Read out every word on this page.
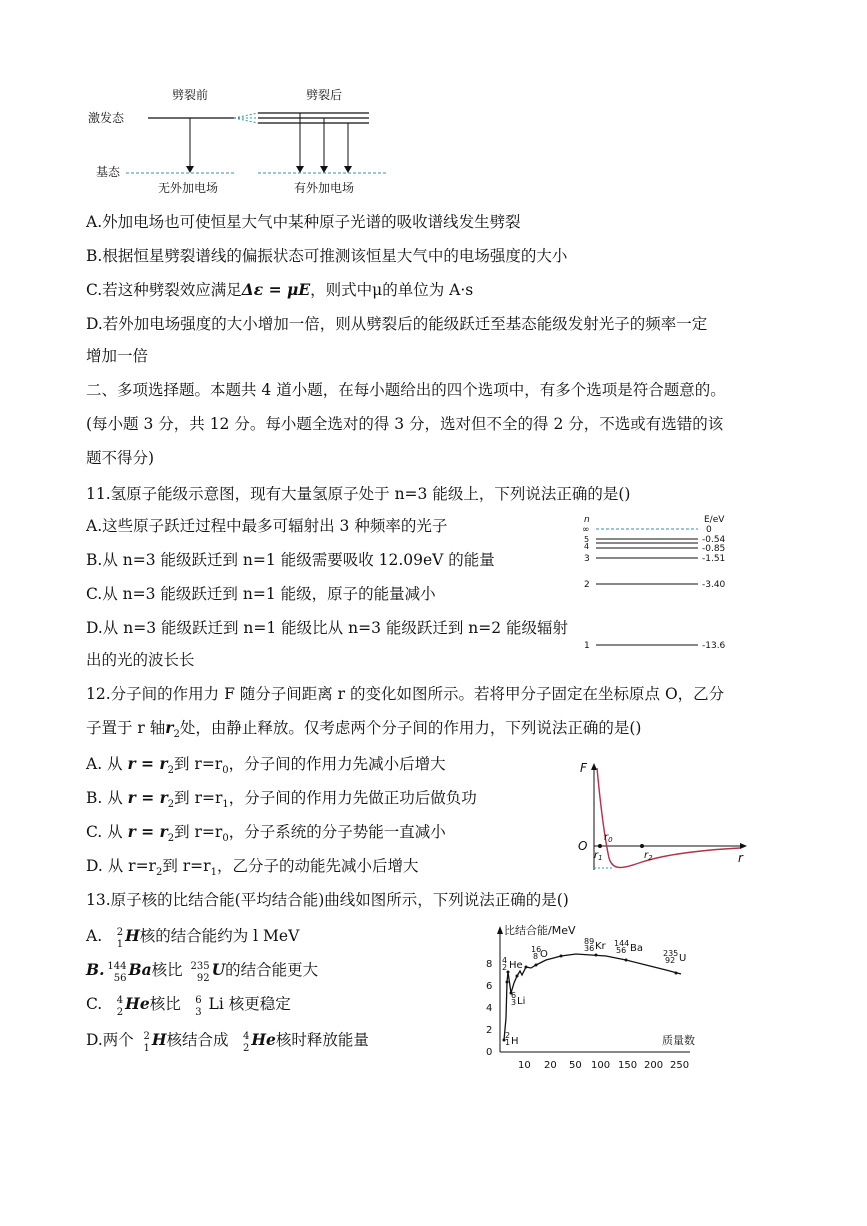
劈裂前	劈裂后
激发态
基态
无外加电场	有外加电场
A.外加电场也可使恒星大气中某种原子光谱的吸收谱线发生劈裂
B.根据恒星劈裂谱线的偏振状态可推测该恒星大气中的电场强度的大小
C.若这种劈裂效应满足Δε = μE，则式中μ的单位为 A·s
D.若外加电场强度的大小增加一倍，则从劈裂后的能级跃迁至基态能级发射光子的频率一定
增加一倍
二、多项选择题。本题共 4 道小题，在每小题给出的四个选项中，有多个选项是符合题意的。
(每小题 3 分，共 12 分。每小题全选对的得 3 分，选对但不全的得 2 分，不选或有选错的该
题不得分)
11.氢原子能级示意图，现有大量氢原子处于 n=3 能级上，下列说法正确的是()
A.这些原子跃迁过程中最多可辐射出 3 种频率的光子
B.从 n=3 能级跃迁到 n=1 能级需要吸收 12.09eV 的能量
C.从 n=3 能级跃迁到 n=1 能级，原子的能量减小
D.从 n=3 能级跃迁到 n=1 能级比从 n=3 能级跃迁到 n=2 能级辐射
出的光的波长长
n	E/eV
∞
5
4
3
2
1
0
-0.54
-0.85
-1.51
-3.40
-13.6
12.分子间的作用力 F 随分子间距离 r 的变化如图所示。若将甲分子固定在坐标原点 O，乙分
子置于 r 轴$r_2$处，由静止释放。仅考虑两个分子间的作用力，下列说法正确的是()
A. 从 $r = r_2$到 $r=r_0$，分子间的作用力先减小后增大
B. 从 $r = r_2$到 $r=r_1$，分子间的作用力先做正功后做负功
C. 从 $r = r_2$到 $r=r_0$，分子系统的分子势能一直减小
D. 从 $r=r_2$到 $r=r_1$，乙分子的动能先减小后增大
F
O
r
$r_0$
$r_1$	$r_2$
13.原子核的比结合能(平均结合能)曲线如图所示，下列说法正确的是()
A. 2
1 H核的结合能约为 l MeV
B. 144
56 Ba核比 235
92 U的结合能更大
C. 4
2 He核比 6
3 Li 核更稳定
D.两个 2
1 H核结合成 4
2 He核时释放能量
比结合能/MeV
质量数
0
2
4
6
8
10 20 50 100 150 200 250
4
2 He
16
8 O
89
36 Kr 144
56 Ba	235
92 U
6
3 Li
2
1 H
